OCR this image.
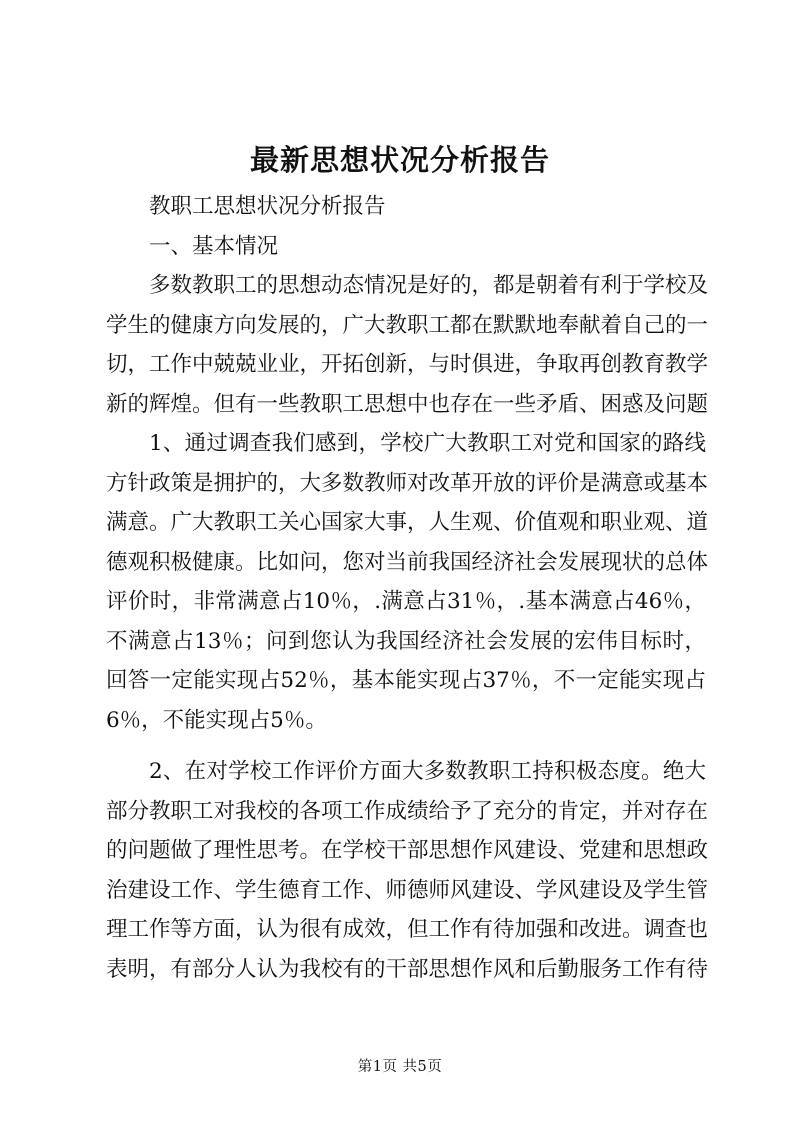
最新思想状况分析报告
教职工思想状况分析报告
一、基本情况
多数教职工的思想动态情况是好的，都是朝着有利于学校及
学生的健康方向发展的，广大教职工都在默默地奉献着自己的一
切，工作中兢兢业业，开拓创新，与时俱进，争取再创教育教学
新的辉煌。但有一些教职工思想中也存在一些矛盾、困惑及问题
1、通过调查我们感到，学校广大教职工对党和国家的路线
方针政策是拥护的，大多数教师对改革开放的评价是满意或基本
满意。广大教职工关心国家大事，人生观、价值观和职业观、道
德观积极健康。比如问，您对当前我国经济社会发展现状的总体
评价时，非常满意占10％，.满意占31％，.基本满意占46％，
不满意占13％；问到您认为我国经济社会发展的宏伟目标时，
回答一定能实现占52％，基本能实现占37％，不一定能实现占
6％，不能实现占5％。
2、在对学校工作评价方面大多数教职工持积极态度。绝大
部分教职工对我校的各项工作成绩给予了充分的肯定，并对存在
的问题做了理性思考。在学校干部思想作风建设、党建和思想政
治建设工作、学生德育工作、师德师风建设、学风建设及学生管
理工作等方面，认为很有成效，但工作有待加强和改进。调查也
表明，有部分人认为我校有的干部思想作风和后勤服务工作有待
第1页 共5页
